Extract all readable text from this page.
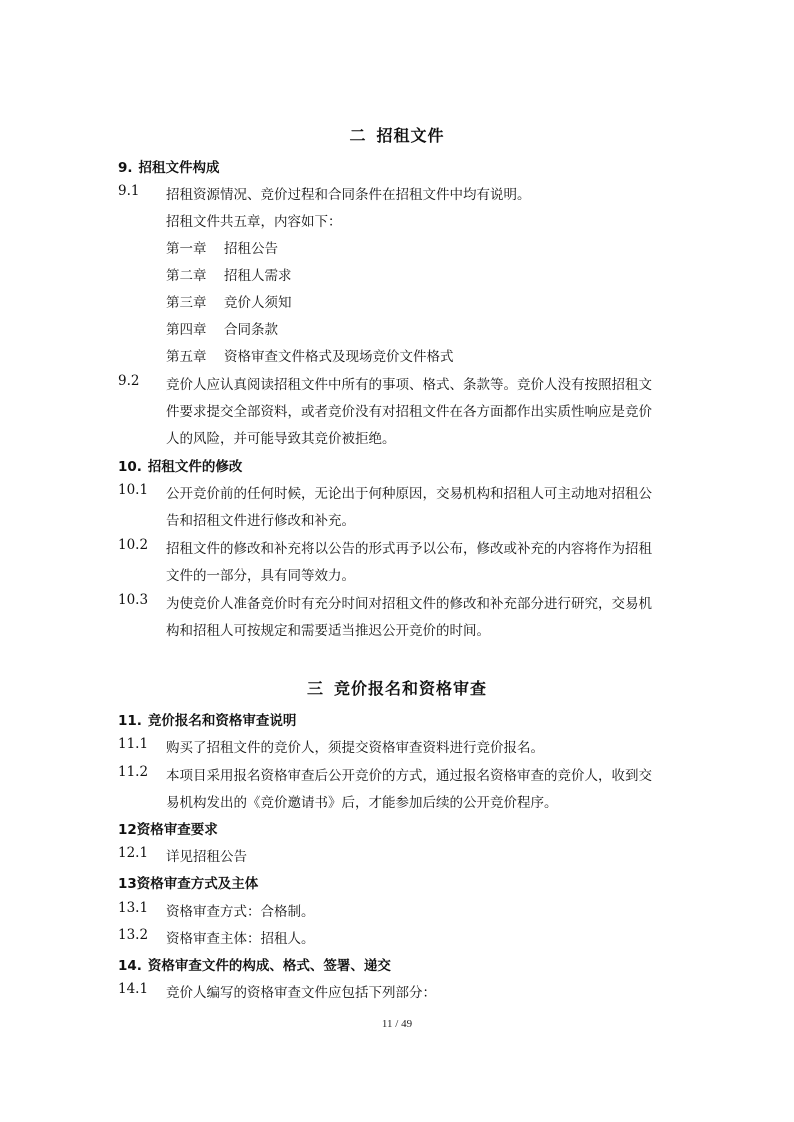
二 招租文件
9. 招租文件构成
9.1 招租资源情况、竞价过程和合同条件在招租文件中均有说明。
招租文件共五章，内容如下：
第一章 招租公告
第二章 招租人需求
第三章 竞价人须知
第四章 合同条款
第五章 资格审查文件格式及现场竞价文件格式
9.2 竞价人应认真阅读招租文件中所有的事项、格式、条款等。竞价人没有按照招租文
件要求提交全部资料，或者竞价没有对招租文件在各方面都作出实质性响应是竞价
人的风险，并可能导致其竞价被拒绝。
10. 招租文件的修改
10.1 公开竞价前的任何时候，无论出于何种原因，交易机构和招租人可主动地对招租公
告和招租文件进行修改和补充。
10.2 招租文件的修改和补充将以公告的形式再予以公布，修改或补充的内容将作为招租
文件的一部分，具有同等效力。
10.3 为使竞价人准备竞价时有充分时间对招租文件的修改和补充部分进行研究，交易机
构和招租人可按规定和需要适当推迟公开竞价的时间。
三 竞价报名和资格审查
11. 竞价报名和资格审查说明
11.1 购买了招租文件的竞价人，须提交资格审查资料进行竞价报名。
11.2 本项目采用报名资格审查后公开竞价的方式，通过报名资格审查的竞价人，收到交
易机构发出的《竞价邀请书》后，才能参加后续的公开竞价程序。
12资格审查要求
12.1 详见招租公告
13资格审查方式及主体
13.1 资格审查方式：合格制。
13.2 资格审查主体：招租人。
14. 资格审查文件的构成、格式、签署、递交
14.1 竞价人编写的资格审查文件应包括下列部分：
11 / 49
